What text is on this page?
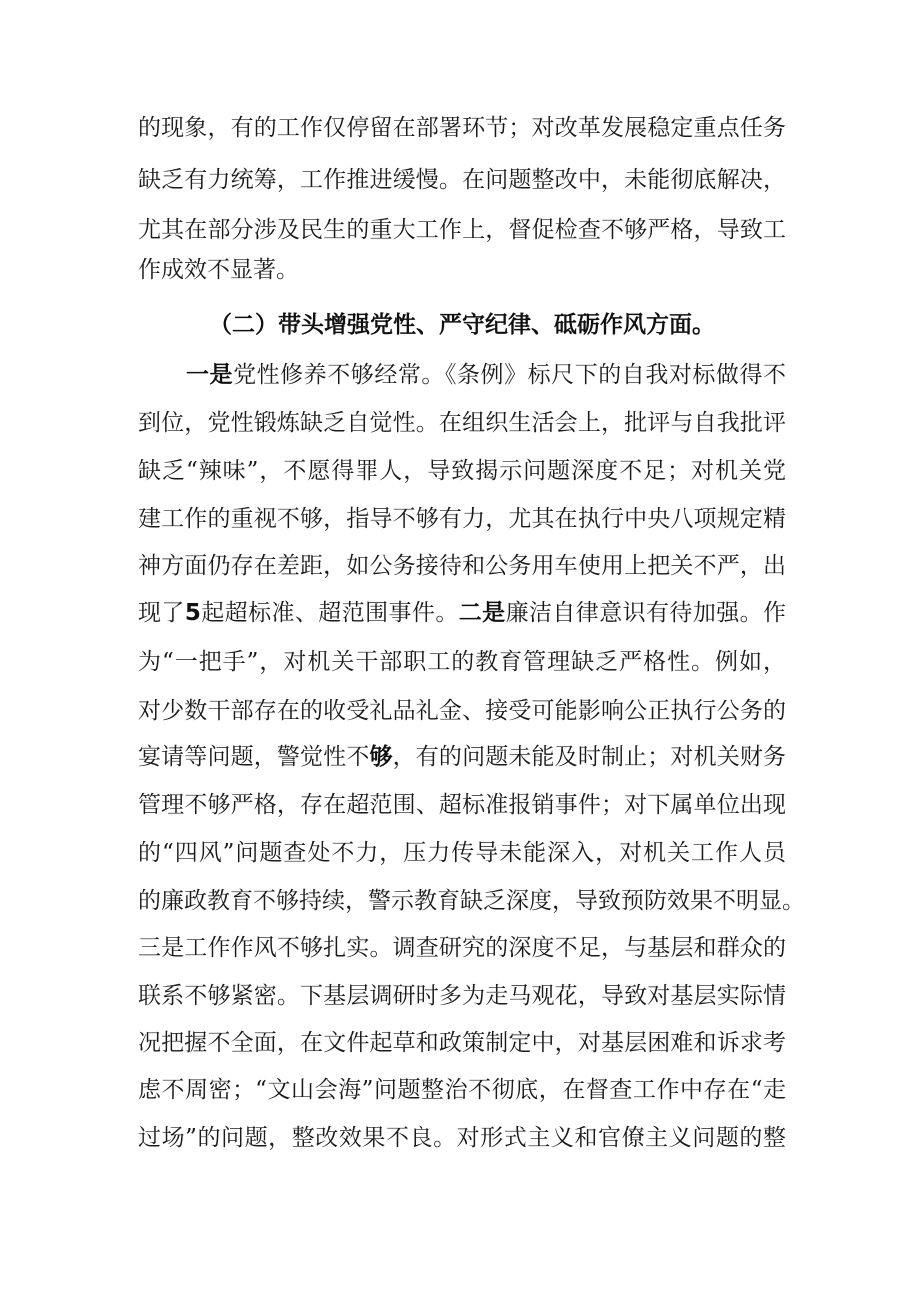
的现象，有的工作仅停留在部署环节；对改革发展稳定重点任务
缺乏有力统筹，工作推进缓慢。在问题整改中，未能彻底解决，
尤其在部分涉及民生的重大工作上，督促检查不够严格，导致工
作成效不显著。
（二）带头增强党性、严守纪律、砥砺作风方面。
一是党性修养不够经常。《条例》标尺下的自我对标做得不
到位，党性锻炼缺乏自觉性。在组织生活会上，批评与自我批评
缺乏“辣味”，不愿得罪人，导致揭示问题深度不足；对机关党
建工作的重视不够，指导不够有力，尤其在执行中央八项规定精
神方面仍存在差距，如公务接待和公务用车使用上把关不严，出
现了5起超标准、超范围事件。二是廉洁自律意识有待加强。作
为“一把手”，对机关干部职工的教育管理缺乏严格性。例如，
对少数干部存在的收受礼品礼金、接受可能影响公正执行公务的
宴请等问题，警觉性不够，有的问题未能及时制止；对机关财务
管理不够严格，存在超范围、超标准报销事件；对下属单位出现
的“四风”问题查处不力，压力传导未能深入，对机关工作人员
的廉政教育不够持续，警示教育缺乏深度，导致预防效果不明显。
三是工作作风不够扎实。调查研究的深度不足，与基层和群众的
联系不够紧密。下基层调研时多为走马观花，导致对基层实际情
况把握不全面，在文件起草和政策制定中，对基层困难和诉求考
虑不周密；“文山会海”问题整治不彻底，在督查工作中存在“走
过场”的问题，整改效果不良。对形式主义和官僚主义问题的整
